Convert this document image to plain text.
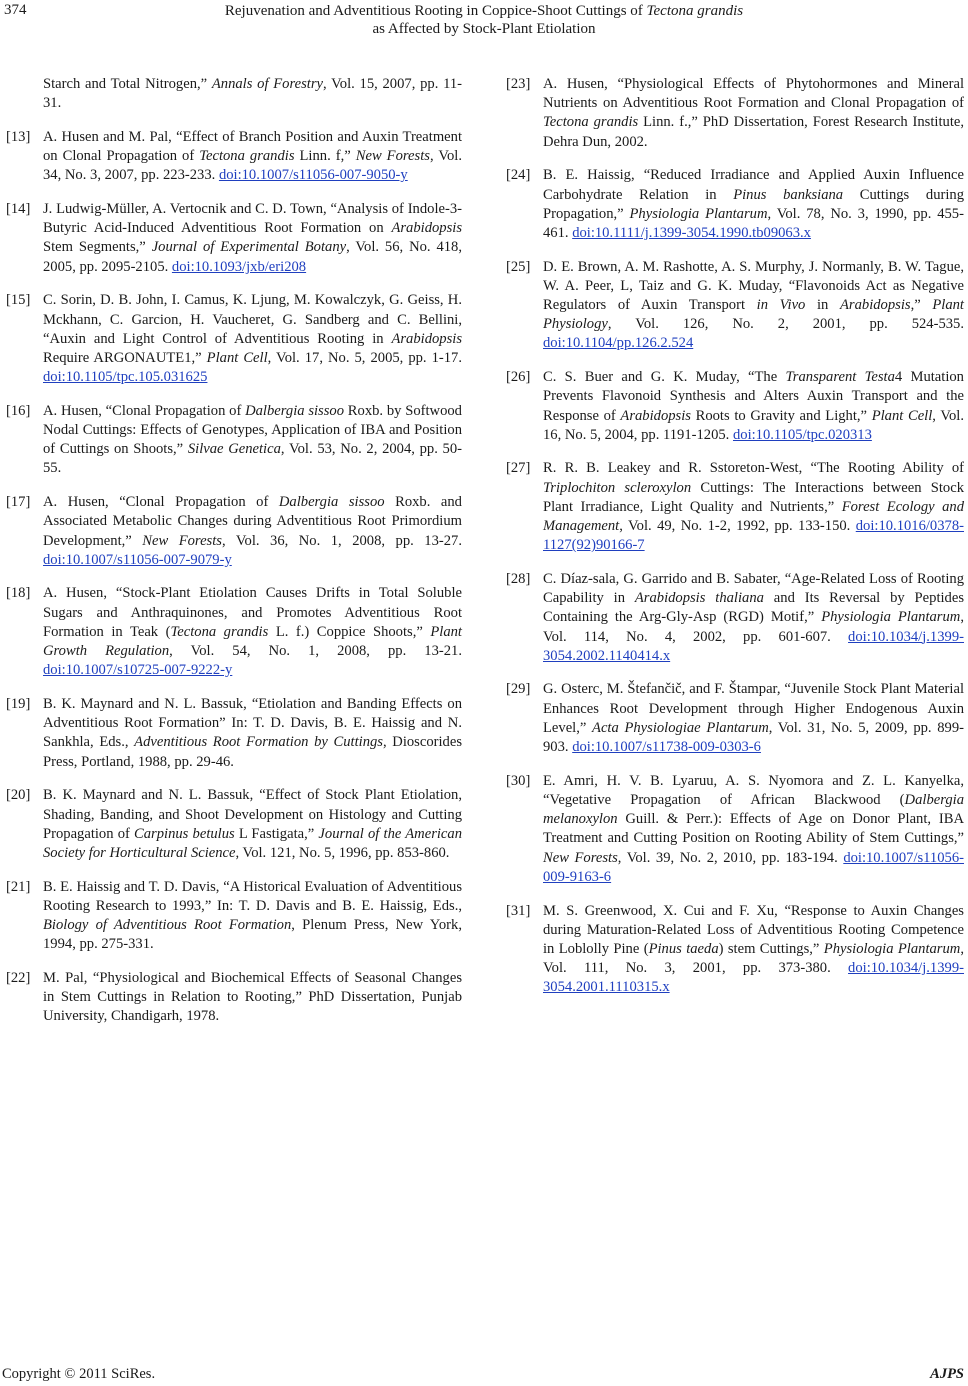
374	Rejuvenation and Adventitious Rooting in Coppice-Shoot Cuttings of Tectona grandis
as Affected by Stock-Plant Etiolation
Starch and Total Nitrogen,” Annals of Forestry, Vol. 15, 2007, pp. 11-31.
[13] A. Husen and M. Pal, “Effect of Branch Position and Auxin Treatment on Clonal Propagation of Tectona grandis Linn. f,” New Forests, Vol. 34, No. 3, 2007, pp. 223-233. doi:10.1007/s11056-007-9050-y
[14] J. Ludwig-Müller, A. Vertocnik and C. D. Town, “Analysis of Indole-3-Butyric Acid-Induced Adventitious Root Formation on Arabidopsis Stem Segments,” Journal of Experimental Botany, Vol. 56, No. 418, 2005, pp. 2095-2105. doi:10.1093/jxb/eri208
[15] C. Sorin, D. B. John, I. Camus, K. Ljung, M. Kowalczyk, G. Geiss, H. Mckhann, C. Garcion, H. Vaucheret, G. Sandberg and C. Bellini, “Auxin and Light Control of Adventitious Rooting in Arabidopsis Require ARGONAUTE1,” Plant Cell, Vol. 17, No. 5, 2005, pp. 1-17. doi:10.1105/tpc.105.031625
[16] A. Husen, “Clonal Propagation of Dalbergia sissoo Roxb. by Softwood Nodal Cuttings: Effects of Genotypes, Application of IBA and Position of Cuttings on Shoots,” Silvae Genetica, Vol. 53, No. 2, 2004, pp. 50-55.
[17] A. Husen, “Clonal Propagation of Dalbergia sissoo Roxb. and Associated Metabolic Changes during Adventitious Root Primordium Development,” New Forests, Vol. 36, No. 1, 2008, pp. 13-27. doi:10.1007/s11056-007-9079-y
[18] A. Husen, “Stock-Plant Etiolation Causes Drifts in Total Soluble Sugars and Anthraquinones, and Promotes Adventitious Root Formation in Teak (Tectona grandis L. f.) Coppice Shoots,” Plant Growth Regulation, Vol. 54, No. 1, 2008, pp. 13-21. doi:10.1007/s10725-007-9222-y
[19] B. K. Maynard and N. L. Bassuk, “Etiolation and Banding Effects on Adventitious Root Formation” In: T. D. Davis, B. E. Haissig and N. Sankhla, Eds., Adventitious Root Formation by Cuttings, Dioscorides Press, Portland, 1988, pp. 29-46.
[20] B. K. Maynard and N. L. Bassuk, “Effect of Stock Plant Etiolation, Shading, Banding, and Shoot Development on Histology and Cutting Propagation of Carpinus betulus L Fastigata,” Journal of the American Society for Horticultural Science, Vol. 121, No. 5, 1996, pp. 853-860.
[21] B. E. Haissig and T. D. Davis, “A Historical Evaluation of Adventitious Rooting Research to 1993,” In: T. D. Davis and B. E. Haissig, Eds., Biology of Adventitious Root Formation, Plenum Press, New York, 1994, pp. 275-331.
[22] M. Pal, “Physiological and Biochemical Effects of Seasonal Changes in Stem Cuttings in Relation to Rooting,” PhD Dissertation, Punjab University, Chandigarh, 1978.
[23] A. Husen, “Physiological Effects of Phytohormones and Mineral Nutrients on Adventitious Root Formation and Clonal Propagation of Tectona grandis Linn. f.,” PhD Dissertation, Forest Research Institute, Dehra Dun, 2002.
[24] B. E. Haissig, “Reduced Irradiance and Applied Auxin Influence Carbohydrate Relation in Pinus banksiana Cuttings during Propagation,” Physiologia Plantarum, Vol. 78, No. 3, 1990, pp. 455-461. doi:10.1111/j.1399-3054.1990.tb09063.x
[25] D. E. Brown, A. M. Rashotte, A. S. Murphy, J. Normanly, B. W. Tague, W. A. Peer, L, Taiz and G. K. Muday, “Flavonoids Act as Negative Regulators of Auxin Transport in Vivo in Arabidopsis,” Plant Physiology, Vol. 126, No. 2, 2001, pp. 524-535. doi:10.1104/pp.126.2.524
[26] C. S. Buer and G. K. Muday, “The Transparent Testa4 Mutation Prevents Flavonoid Synthesis and Alters Auxin Transport and the Response of Arabidopsis Roots to Gravity and Light,” Plant Cell, Vol. 16, No. 5, 2004, pp. 1191-1205. doi:10.1105/tpc.020313
[27] R. R. B. Leakey and R. Sstoreton-West, “The Rooting Ability of Triplochiton scleroxylon Cuttings: The Interactions between Stock Plant Irradiance, Light Quality and Nutrients,” Forest Ecology and Management, Vol. 49, No. 1-2, 1992, pp. 133-150. doi:10.1016/0378-1127(92)90166-7
[28] C. Díaz-sala, G. Garrido and B. Sabater, “Age-Related Loss of Rooting Capability in Arabidopsis thaliana and Its Reversal by Peptides Containing the Arg-Gly-Asp (RGD) Motif,” Physiologia Plantarum, Vol. 114, No. 4, 2002, pp. 601-607. doi:10.1034/j.1399-3054.2002.1140414.x
[29] G. Osterc, M. Štefančič, and F. Štampar, “Juvenile Stock Plant Material Enhances Root Development through Higher Endogenous Auxin Level,” Acta Physiologiae Plantarum, Vol. 31, No. 5, 2009, pp. 899-903. doi:10.1007/s11738-009-0303-6
[30] E. Amri, H. V. B. Lyaruu, A. S. Nyomora and Z. L. Kanyelka, “Vegetative Propagation of African Blackwood (Dalbergia melanoxylon Guill. & Perr.): Effects of Age on Donor Plant, IBA Treatment and Cutting Position on Rooting Ability of Stem Cuttings,” New Forests, Vol. 39, No. 2, 2010, pp. 183-194. doi:10.1007/s11056-009-9163-6
[31] M. S. Greenwood, X. Cui and F. Xu, “Response to Auxin Changes during Maturation-Related Loss of Adventitious Rooting Competence in Loblolly Pine (Pinus taeda) stem Cuttings,” Physiologia Plantarum, Vol. 111, No. 3, 2001, pp. 373-380. doi:10.1034/j.1399-3054.2001.1110315.x
Copyright © 2011 SciRes.	AJPS
